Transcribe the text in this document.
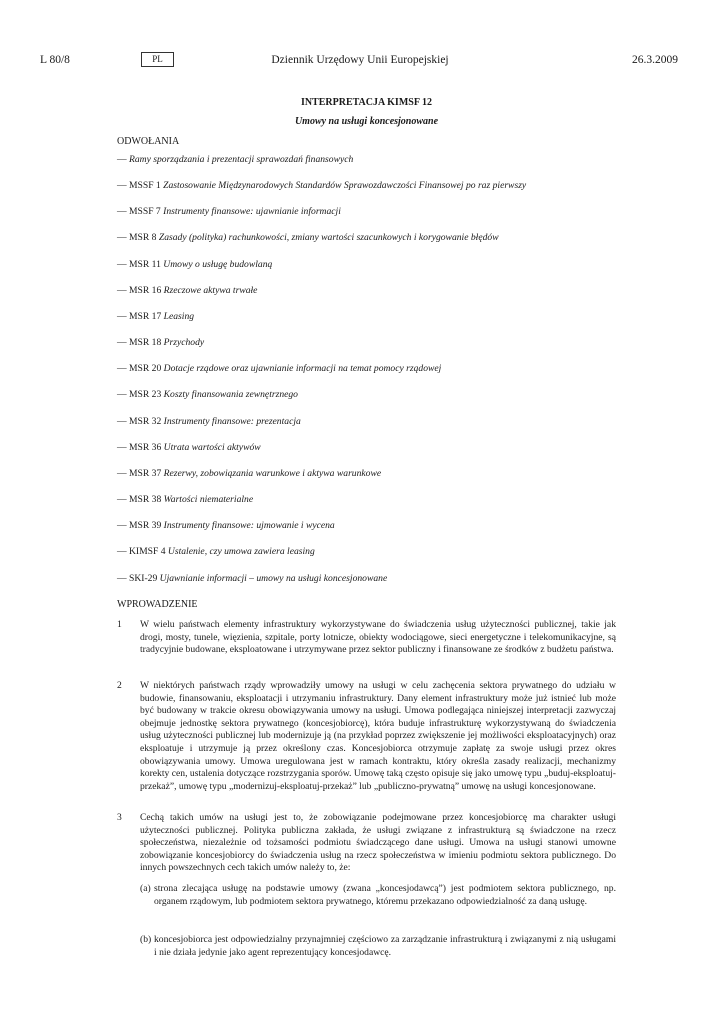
L 80/8	PL	Dziennik Urzędowy Unii Europejskiej	26.3.2009
INTERPRETACJA KIMSF 12
Umowy na usługi koncesjonowane
ODWOŁANIA
— Ramy sporządzania i prezentacji sprawozdań finansowych
— MSSF 1 Zastosowanie Międzynarodowych Standardów Sprawozdawczości Finansowej po raz pierwszy
— MSSF 7 Instrumenty finansowe: ujawnianie informacji
— MSR 8 Zasady (polityka) rachunkowości, zmiany wartości szacunkowych i korygowanie błędów
— MSR 11 Umowy o usługę budowlaną
— MSR 16 Rzeczowe aktywa trwałe
— MSR 17 Leasing
— MSR 18 Przychody
— MSR 20 Dotacje rządowe oraz ujawnianie informacji na temat pomocy rządowej
— MSR 23 Koszty finansowania zewnętrznego
— MSR 32 Instrumenty finansowe: prezentacja
— MSR 36 Utrata wartości aktywów
— MSR 37 Rezerwy, zobowiązania warunkowe i aktywa warunkowe
— MSR 38 Wartości niematerialne
— MSR 39 Instrumenty finansowe: ujmowanie i wycena
— KIMSF 4 Ustalenie, czy umowa zawiera leasing
— SKI-29 Ujawnianie informacji – umowy na usługi koncesjonowane
WPROWADZENIE
1 W wielu państwach elementy infrastruktury wykorzystywane do świadczenia usług użyteczności publicznej, takie jak drogi, mosty, tunele, więzienia, szpitale, porty lotnicze, obiekty wodociągowe, sieci energetyczne i telekomunikacyjne, są tradycyjnie budowane, eksploatowane i utrzymywane przez sektor publiczny i finansowane ze środków z budżetu państwa.
2 W niektórych państwach rządy wprowadziły umowy na usługi w celu zachęcenia sektora prywatnego do udziału w budowie, finansowaniu, eksploatacji i utrzymaniu infrastruktury. Dany element infrastruktury może już istnieć lub może być budowany w trakcie okresu obowiązywania umowy na usługi. Umowa podlegająca niniejszej interpretacji zazwyczaj obejmuje jednostkę sektora prywatnego (koncesjobiorcę), która buduje infrastrukturę wykorzystywaną do świadczenia usług użyteczności publicznej lub modernizuje ją (na przykład poprzez zwiększenie jej możliwości eksploatacyjnych) oraz eksploatuje i utrzymuje ją przez określony czas. Koncesjobiorca otrzymuje zapłatę za swoje usługi przez okres obowiązywania umowy. Umowa uregulowana jest w ramach kontraktu, który określa zasady realizacji, mechanizmy korekty cen, ustalenia dotyczące rozstrzygania sporów. Umowę taką często opisuje się jako umowę typu „buduj-eksploatuj-przekaż”, umowę typu „modernizuj-eksploatuj-przekaż” lub „publiczno-prywatną” umowę na usługi koncesjonowane.
3 Cechą takich umów na usługi jest to, że zobowiązanie podejmowane przez koncesjobiorcę ma charakter usługi użyteczności publicznej. Polityka publiczna zakłada, że usługi związane z infrastrukturą są świadczone na rzecz społeczeństwa, niezależnie od tożsamości podmiotu świadczącego dane usługi. Umowa na usługi stanowi umowne zobowiązanie koncesjobiorcy do świadczenia usług na rzecz społeczeństwa w imieniu podmiotu sektora publicznego. Do innych powszechnych cech takich umów należy to, że:
(a) strona zlecająca usługę na podstawie umowy (zwana „koncesjodawcą”) jest podmiotem sektora publicznego, np. organem rządowym, lub podmiotem sektora prywatnego, któremu przekazano odpowiedzialność za daną usługę.
(b) koncesjobiorca jest odpowiedzialny przynajmniej częściowo za zarządzanie infrastrukturą i związanymi z nią usługami i nie działa jedynie jako agent reprezentujący koncesjodawcę.
